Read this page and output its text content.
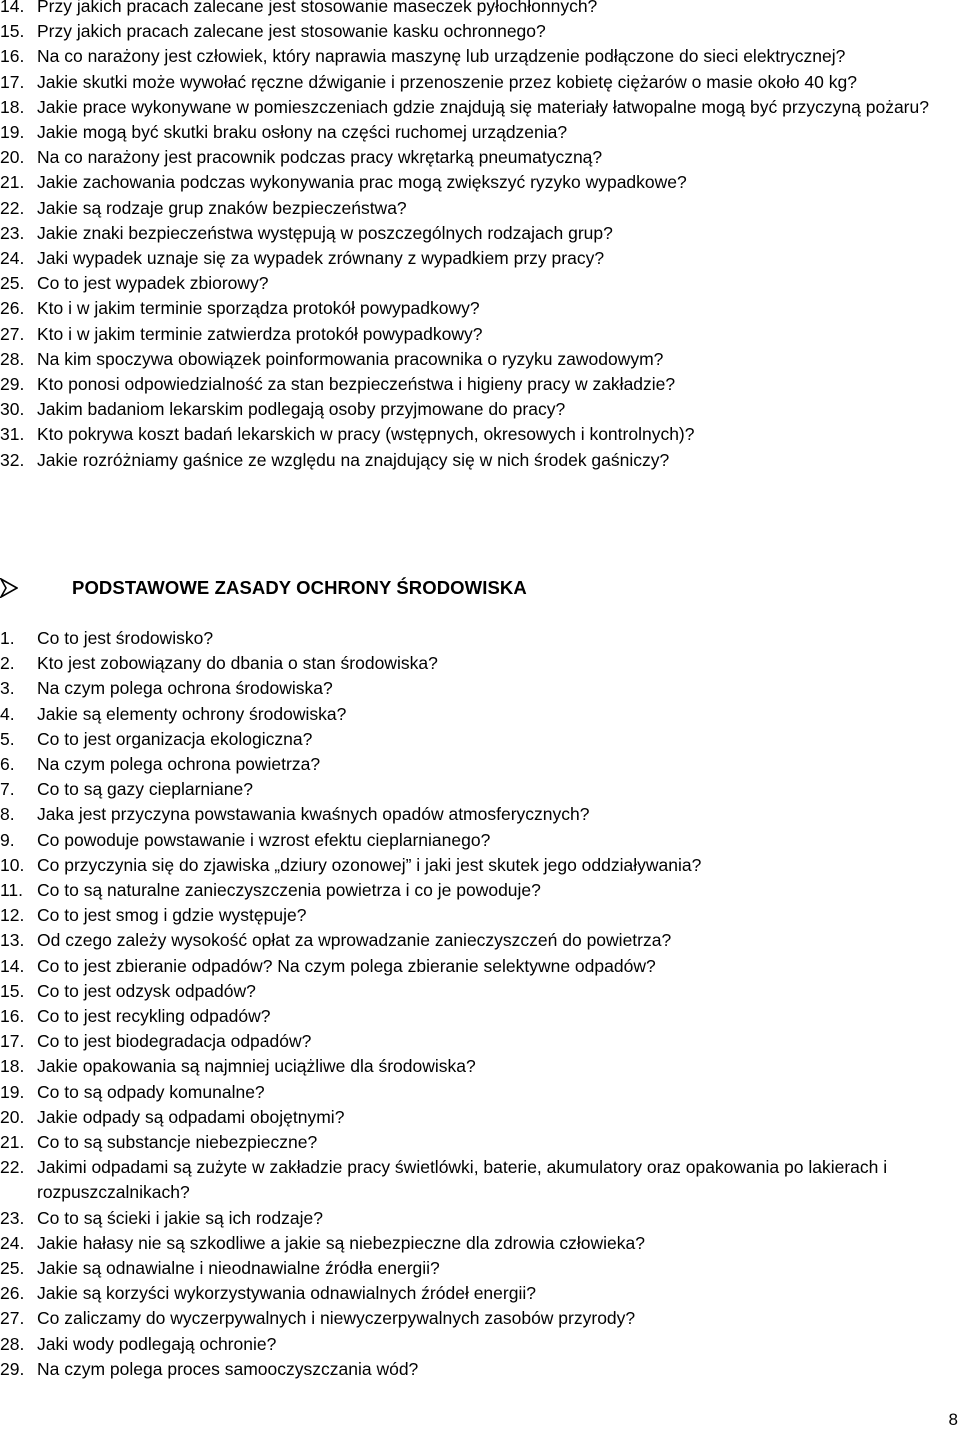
14. Przy jakich pracach zalecane jest stosowanie maseczek pyłochłonnych?
15. Przy jakich pracach zalecane jest stosowanie kasku ochronnego?
16. Na co narażony jest człowiek, który naprawia maszynę lub urządzenie podłączone do sieci elektrycznej?
17. Jakie skutki może wywołać ręczne dźwiganie i przenoszenie przez kobietę ciężarów o masie około 40 kg?
18. Jakie prace wykonywane w pomieszczeniach gdzie znajdują się materiały łatwopalne mogą być przyczyną pożaru?
19. Jakie mogą być skutki braku osłony na części ruchomej urządzenia?
20. Na co narażony jest pracownik podczas pracy wkrętarką pneumatyczną?
21. Jakie zachowania podczas wykonywania prac mogą zwiększyć ryzyko wypadkowe?
22. Jakie są rodzaje grup znaków bezpieczeństwa?
23. Jakie znaki bezpieczeństwa występują w poszczególnych rodzajach grup?
24. Jaki wypadek uznaje się za wypadek zrównany z wypadkiem przy pracy?
25. Co to jest wypadek zbiorowy?
26. Kto i w jakim terminie sporządza protokół powypadkowy?
27. Kto i w jakim terminie zatwierdza protokół powypadkowy?
28. Na kim spoczywa obowiązek poinformowania pracownika o ryzyku zawodowym?
29. Kto ponosi odpowiedzialność za stan bezpieczeństwa i higieny pracy w zakładzie?
30. Jakim badaniom lekarskim podlegają osoby przyjmowane do pracy?
31. Kto pokrywa koszt badań lekarskich w pracy (wstępnych, okresowych i kontrolnych)?
32. Jakie rozróżniamy gaśnice ze względu na znajdujący się w nich środek gaśniczy?
PODSTAWOWE ZASADY OCHRONY ŚRODOWISKA
1. Co to jest środowisko?
2. Kto jest zobowiązany do dbania o stan środowiska?
3. Na czym polega ochrona środowiska?
4. Jakie są elementy ochrony środowiska?
5. Co to jest organizacja ekologiczna?
6. Na czym polega ochrona powietrza?
7. Co to są gazy cieplarniane?
8. Jaka jest przyczyna powstawania kwaśnych opadów atmosferycznych?
9. Co powoduje powstawanie i wzrost efektu cieplarnianego?
10. Co przyczynia się do zjawiska „dziury ozonowej” i jaki jest skutek jego oddziaływania?
11. Co to są naturalne zanieczyszczenia powietrza i co je powoduje?
12. Co to jest smog i gdzie występuje?
13. Od czego zależy wysokość opłat za wprowadzanie zanieczyszczeń do powietrza?
14. Co to jest zbieranie odpadów? Na czym polega zbieranie selektywne odpadów?
15. Co to jest odzysk odpadów?
16. Co to jest recykling odpadów?
17. Co to jest biodegradacja odpadów?
18. Jakie opakowania są najmniej uciążliwe dla środowiska?
19. Co to są odpady komunalne?
20. Jakie odpady są odpadami obojętnymi?
21. Co to są substancje niebezpieczne?
22. Jakimi odpadami są zużyte w zakładzie pracy świetlówki, baterie, akumulatory oraz opakowania po lakierach i rozpuszczalnikach?
23. Co to są ścieki i jakie są ich rodzaje?
24. Jakie hałasy nie są szkodliwe a jakie są niebezpieczne dla zdrowia człowieka?
25. Jakie są odnawialne i nieodnawialne źródła energii?
26. Jakie są korzyści wykorzystywania odnawialnych źródeł energii?
27. Co zaliczamy do wyczerpywalnych i niewyczerpywalnych zasobów przyrody?
28. Jaki wody podlegają ochronie?
29. Na czym polega proces samooczyszczania wód?
8
